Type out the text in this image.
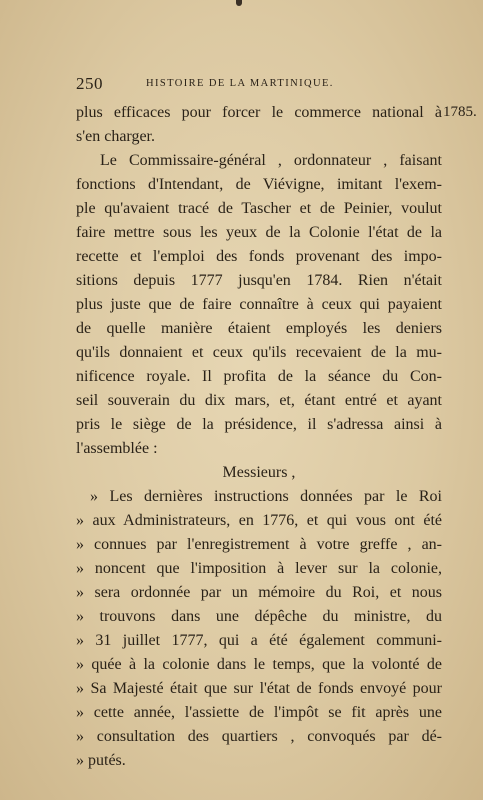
250	HISTOIRE DE LA MARTINIQUE.
1785.
plus efficaces pour forcer le commerce national à
s'en charger.
Le Commissaire-général , ordonnateur , faisant
fonctions d'Intendant, de Viévigne, imitant l'exem-
ple qu'avaient tracé de Tascher et de Peinier, voulut
faire mettre sous les yeux de la Colonie l'état de la
recette et l'emploi des fonds provenant des impo-
sitions depuis 1777 jusqu'en 1784. Rien n'était
plus juste que de faire connaître à ceux qui payaient
de quelle manière étaient employés les deniers
qu'ils donnaient et ceux qu'ils recevaient de la mu-
nificence royale. Il profita de la séance du Con-
seil souverain du dix mars, et, étant entré et ayant
pris le siège de la présidence, il s'adressa ainsi à
l'assemblée :
Messieurs ,
» Les dernières instructions données par le Roi
» aux Administrateurs, en 1776, et qui vous ont été
» connues par l'enregistrement à votre greffe , an-
» noncent que l'imposition à lever sur la colonie,
» sera ordonnée par un mémoire du Roi, et nous
» trouvons dans une dépêche du ministre, du
» 31 juillet 1777, qui a été également communi-
» quée à la colonie dans le temps, que la volonté de
» Sa Majesté était que sur l'état de fonds envoyé pour
» cette année, l'assiette de l'impôt se fit après une
» consultation des quartiers , convoqués par dé-
» putés.
